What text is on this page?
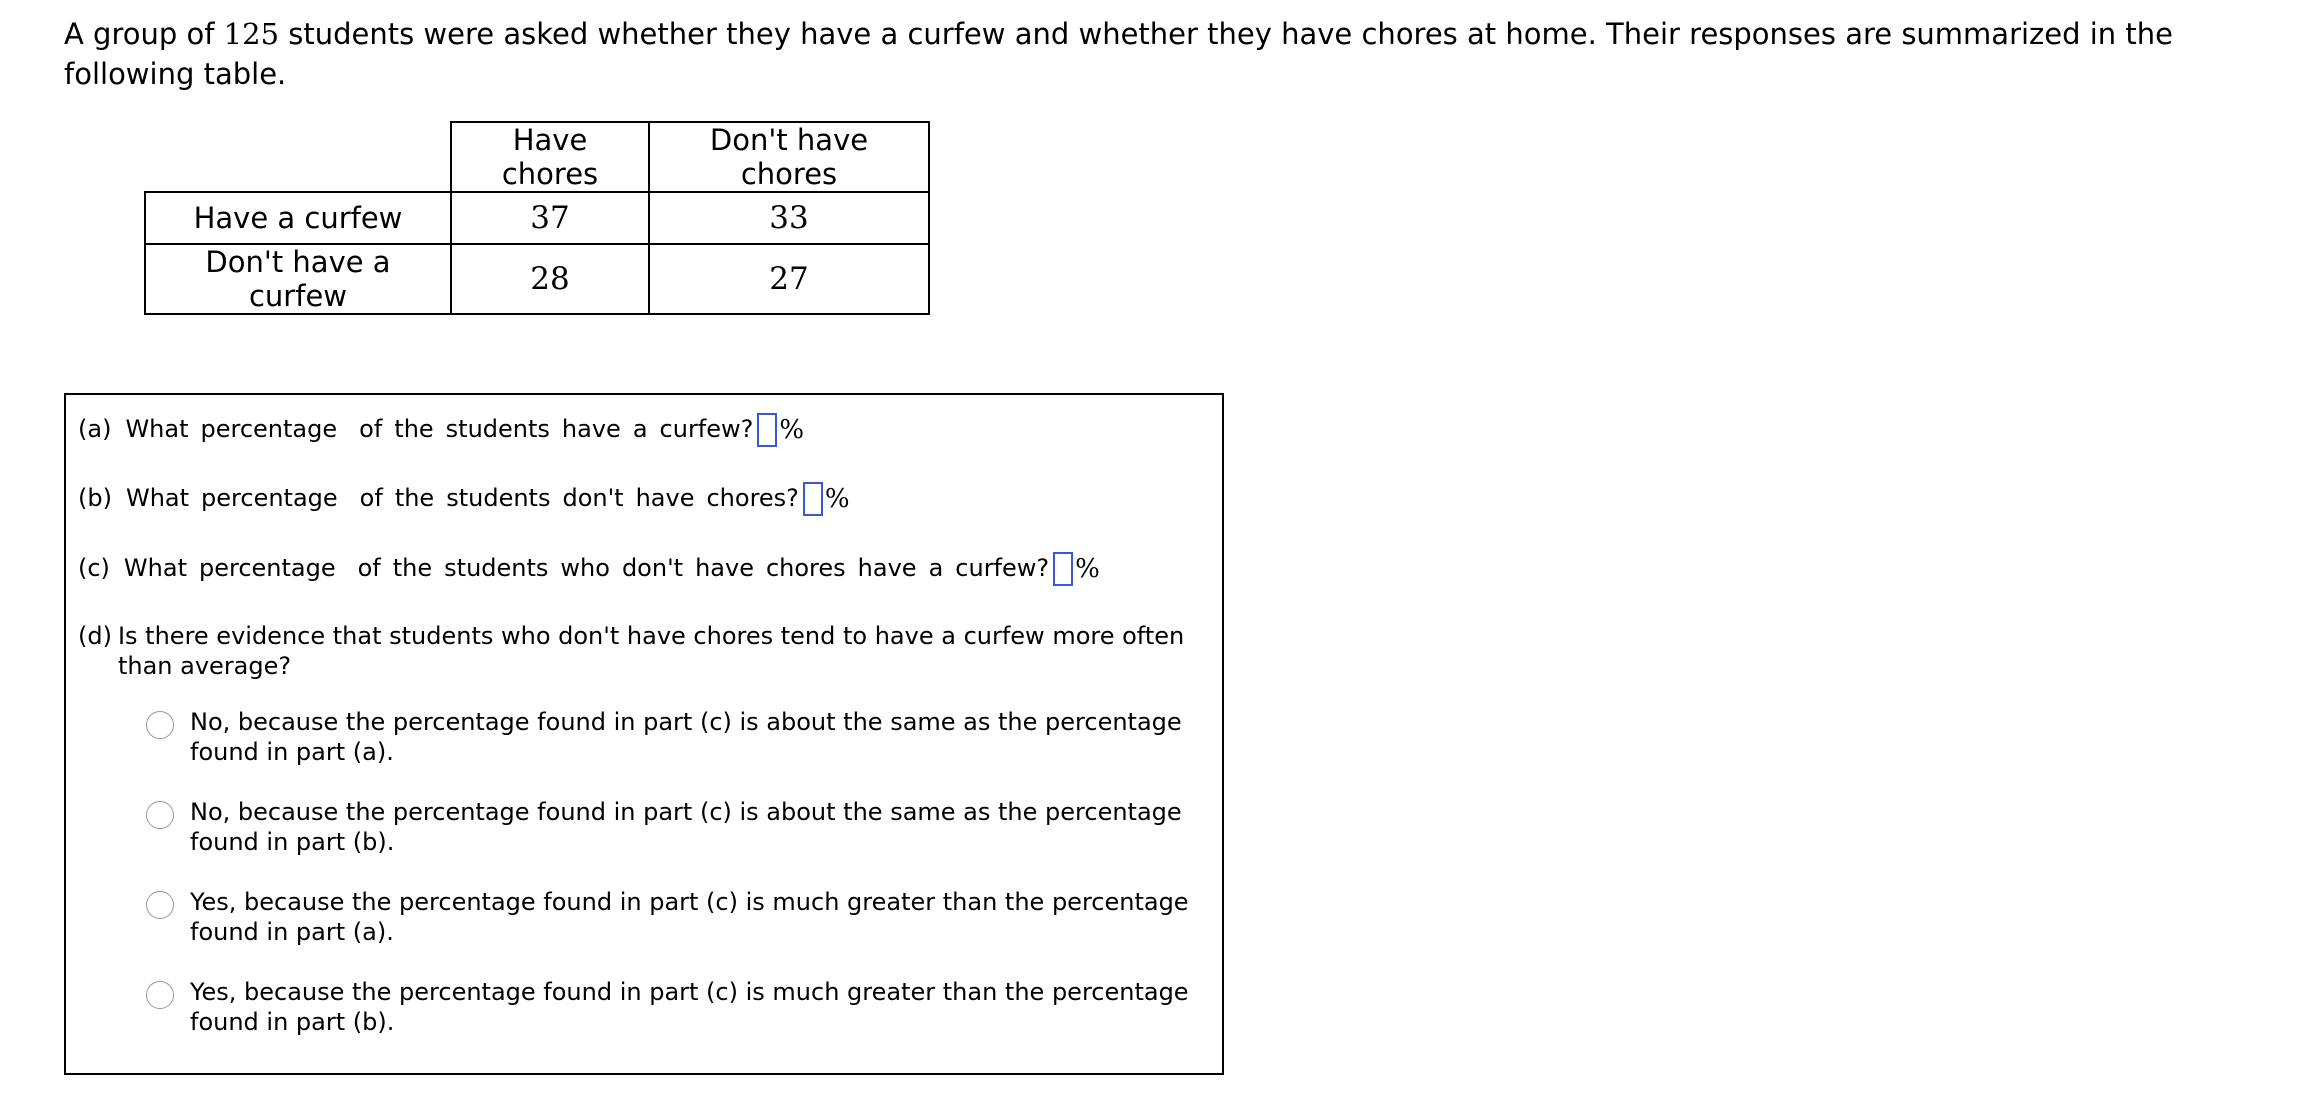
A group of 125 students were asked whether they have a curfew and whether they have chores at home. Their responses are summarized in the following table.
	Have chores	Don't have chores
Have a curfew	37	33
Don't have a curfew	28	27
(a) What percentage of the students have a curfew? %
(b) What percentage of the students don't have chores? %
(c) What percentage of the students who don't have chores have a curfew? %
(d) Is there evidence that students who don't have chores tend to have a curfew more often than average?
No, because the percentage found in part (c) is about the same as the percentage found in part (a).
No, because the percentage found in part (c) is about the same as the percentage found in part (b).
Yes, because the percentage found in part (c) is much greater than the percentage found in part (a).
Yes, because the percentage found in part (c) is much greater than the percentage found in part (b).
